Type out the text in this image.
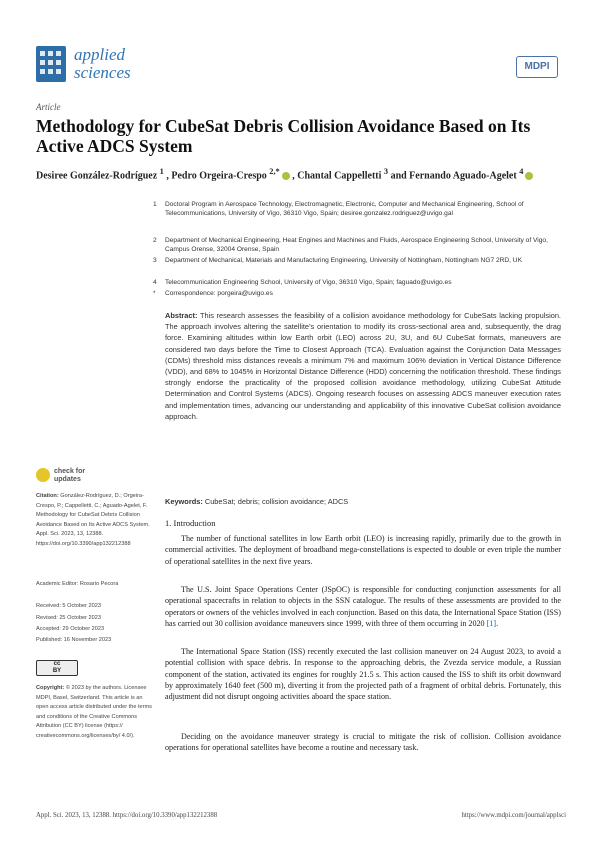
applied
sciences	MDPI
Article
Methodology for CubeSat Debris Collision Avoidance Based on Its Active ADCS System
Desiree González-Rodríguez $^1$ , Pedro Orgeira-Crespo $^{2,*}$ , Chantal Cappelletti $^3$ and Fernando Aguado-Agelet $^4$
1 Doctoral Program in Aerospace Technology, Electromagnetic, Electronic, Computer and Mechanical Engineering, School of Telecommunications, University of Vigo, 36310 Vigo, Spain; desiree.gonzalez.rodriguez@uvigo.gal
2 Department of Mechanical Engineering, Heat Engines and Machines and Fluids, Aerospace Engineering School, University of Vigo, Campus Orense, 32004 Orense, Spain
3 Department of Mechanical, Materials and Manufacturing Engineering, University of Nottingham, Nottingham NG7 2RD, UK
4 Telecommunication Engineering School, University of Vigo, 36310 Vigo, Spain; faguado@uvigo.es
* Correspondence: porgeira@uvigo.es
Abstract: This research assesses the feasibility of a collision avoidance methodology for CubeSats lacking propulsion. The approach involves altering the satellite’s orientation to modify its cross-sectional area and, subsequently, the drag force. Examining altitudes within low Earth orbit (LEO) across 2U, 3U, and 6U CubeSat formats, maneuvers are considered two days before the Time to Closest Approach (TCA). Evaluation against the Conjunction Data Messages (CDMs) threshold miss distances reveals a minimum 7% and maximum 106% deviation in Vertical Distance Difference (VDD), and 68% to 1045% in Horizontal Distance Difference (HDD) concerning the notification threshold. These findings strongly endorse the practicality of the proposed collision avoidance methodology, utilizing CubeSat Attitude Determination and Control Systems (ADCS). Ongoing research focuses on assessing ADCS maneuver execution rates and implementation times, advancing our understanding and applicability of this innovative CubeSat collision avoidance approach.
Keywords: CubeSat; debris; collision avoidance; ADCS
check for
updates
Citation: González-Rodríguez, D.; Orgeira-Crespo, P.; Cappelletti, C.; Aguado-Agelet, F. Methodology for CubeSat Debris Collision Avoidance Based on Its Active ADCS System. Appl. Sci. 2023, 13, 12388. https://doi.org/10.3390/app132212388
Academic Editor: Rosario Pecora
Received: 5 October 2023
Revised: 25 October 2023
Accepted: 29 October 2023
Published: 16 November 2023
cc
BY
Copyright: © 2023 by the authors. Licensee MDPI, Basel, Switzerland. This article is an open access article distributed under the terms and conditions of the Creative Commons Attribution (CC BY) license (https:// creativecommons.org/licenses/by/ 4.0/).
1. Introduction
The number of functional satellites in low Earth orbit (LEO) is increasing rapidly, primarily due to the growth in commercial activities. The deployment of broadband mega-constellations is expected to double or even triple the number of operational satellites in the next five years.
The U.S. Joint Space Operations Center (JSpOC) is responsible for conducting conjunction assessments for all operational spacecrafts in relation to objects in the SSN catalogue. The results of these assessments are provided to the operators or owners of the vehicles involved in each conjunction. Based on this data, the International Space Station (ISS) has carried out 30 collision avoidance maneuvers since 1999, with three of them occurring in 2020 [1].
The International Space Station (ISS) recently executed the last collision maneuver on 24 August 2023, to avoid a potential collision with space debris. In response to the approaching debris, the Zvezda service module, a Russian component of the station, activated its engines for roughly 21.5 s. This action caused the ISS to shift its orbit downward by approximately 1640 feet (500 m), diverting it from the projected path of a fragment of orbital debris. Fortunately, this adjustment did not disrupt ongoing activities aboard the space station.
Deciding on the avoidance maneuver strategy is crucial to mitigate the risk of collision. Collision avoidance operations for operational satellites have become a routine and necessary task.
Appl. Sci. 2023, 13, 12388. https://doi.org/10.3390/app132212388	https://www.mdpi.com/journal/applsci
